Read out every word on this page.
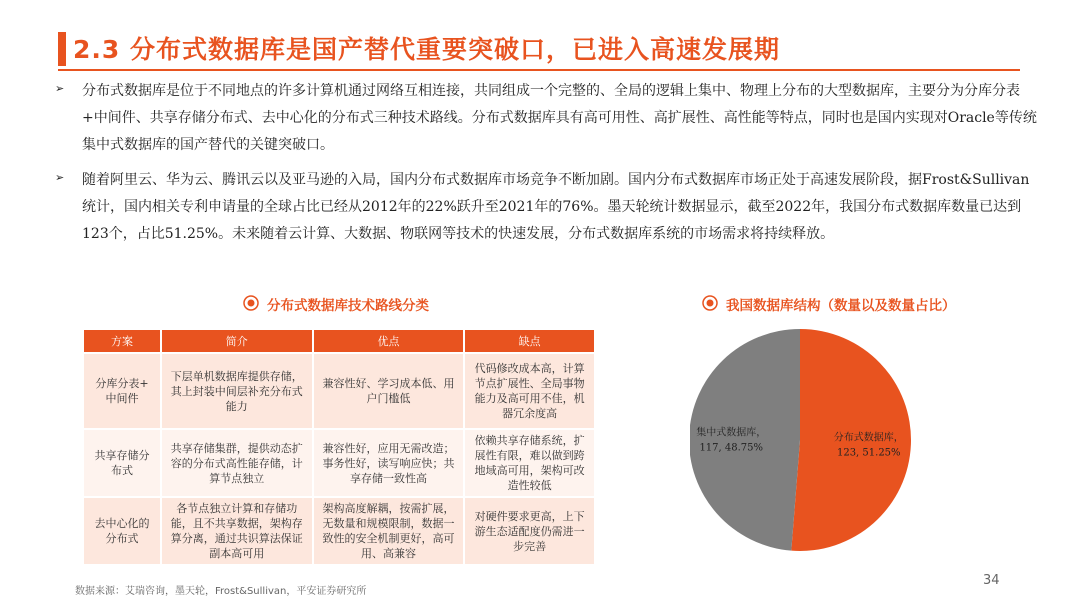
2.3 分布式数据库是国产替代重要突破口，已进入高速发展期
➢ 分布式数据库是位于不同地点的许多计算机通过网络互相连接，共同组成一个完整的、全局的逻辑上集中、物理上分布的大型数据库，主要分为分库分表+中间件、共享存储分布式、去中心化的分布式三种技术路线。分布式数据库具有高可用性、高扩展性、高性能等特点，同时也是国内实现对Oracle等传统集中式数据库的国产替代的关键突破口。
➢ 随着阿里云、华为云、腾讯云以及亚马逊的入局，国内分布式数据库市场竞争不断加剧。国内分布式数据库市场正处于高速发展阶段，据Frost&Sullivan统计，国内相关专利申请量的全球占比已经从2012年的22%跃升至2021年的76%。墨天轮统计数据显示，截至2022年，我国分布式数据库数量已达到123个，占比51.25%。未来随着云计算、大数据、物联网等技术的快速发展，分布式数据库系统的市场需求将持续释放。
分布式数据库技术路线分类	我国数据库结构（数量以及数量占比）
方案	简介	优点	缺点
分库分表+
中间件	下层单机数据库提供存储，其上封装中间层补充分布式能力	兼容性好、学习成本低、用户门槛低	代码修改成本高，计算节点扩展性、全局事物能力及高可用不佳，机器冗余度高
共享存储分
布式	共享存储集群，提供动态扩容的分布式高性能存储，计算节点独立	兼容性好，应用无需改造；事务性好，读写响应快；共享存储一致性高	依赖共享存储系统，扩展性有限，难以做到跨地域高可用，架构可改造性较低
去中心化的
分布式	各节点独立计算和存储功能，且不共享数据，架构存算分离，通过共识算法保证副本高可用	架构高度解耦，按需扩展，无数量和规模限制，数据一致性的安全机制更好，高可用、高兼容	对硬件要求更高，上下游生态适配度仍需进一步完善
分布式数据库，
123, 51.25%
集中式数据库，
117, 48.75%
数据来源：艾瑞咨询，墨天轮，Frost&Sullivan，平安证券研究所
34
